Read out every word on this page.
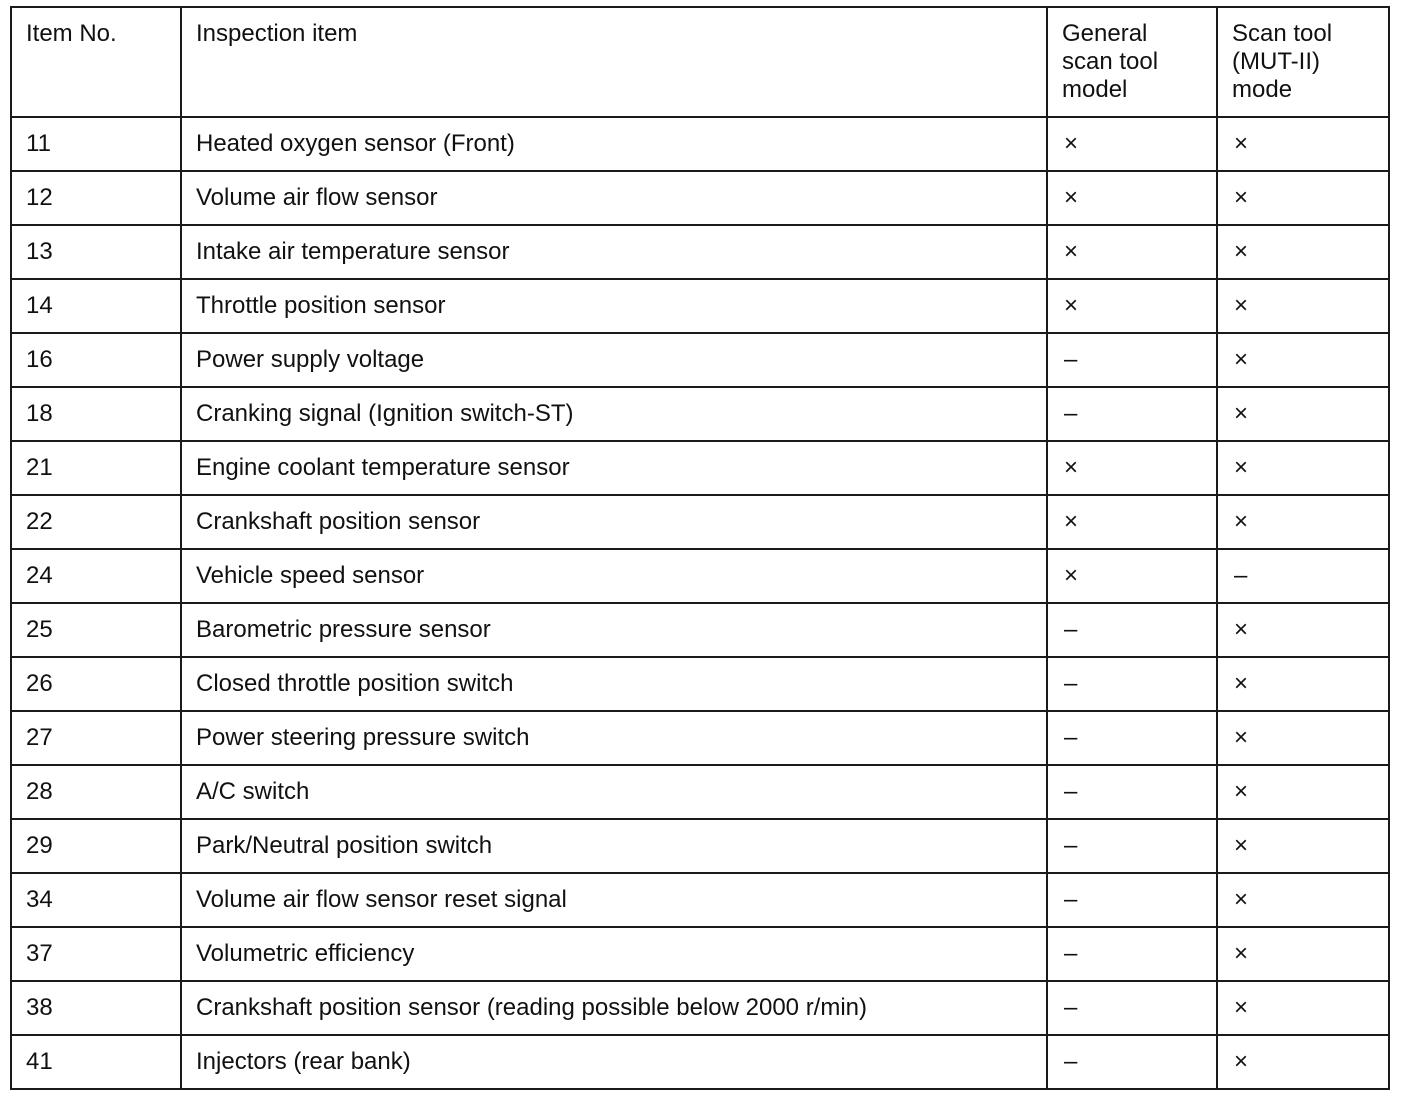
Item No.	Inspection item	General scan tool model	Scan tool (MUT-II) mode
11	Heated oxygen sensor (Front)	×	×
12	Volume air flow sensor	×	×
13	Intake air temperature sensor	×	×
14	Throttle position sensor	×	×
16	Power supply voltage	–	×
18	Cranking signal (Ignition switch-ST)	–	×
21	Engine coolant temperature sensor	×	×
22	Crankshaft position sensor	×	×
24	Vehicle speed sensor	×	–
25	Barometric pressure sensor	–	×
26	Closed throttle position switch	–	×
27	Power steering pressure switch	–	×
28	A/C switch	–	×
29	Park/Neutral position switch	–	×
34	Volume air flow sensor reset signal	–	×
37	Volumetric efficiency	–	×
38	Crankshaft position sensor (reading possible below 2000 r/min)	–	×
41	Injectors (rear bank)	–	×
